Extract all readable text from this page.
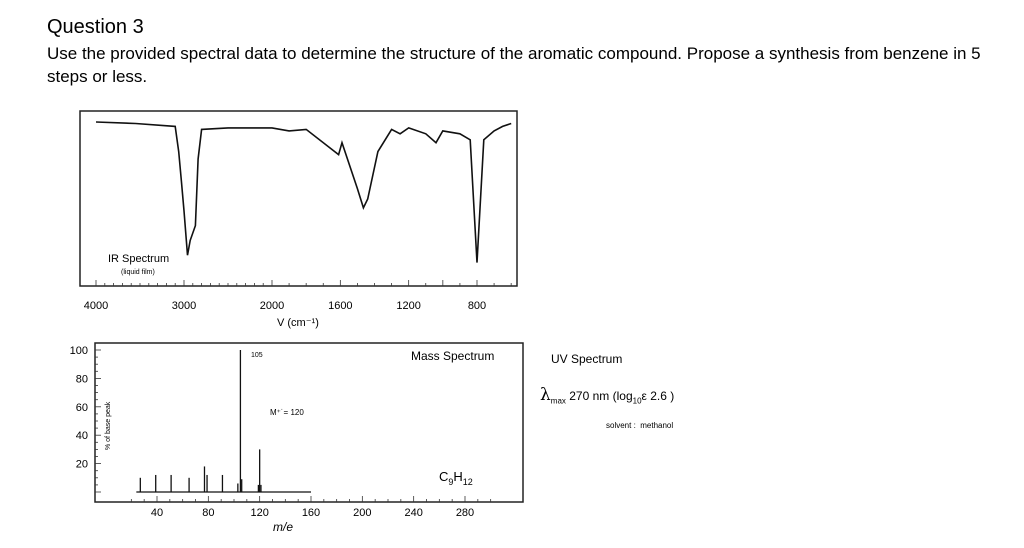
Question 3
Use the provided spectral data to determine the structure of the aromatic compound. Propose a synthesis from benzene in 5 steps or less.
IR Spectrum
(liquid film)
4000	3000	2000	1600	1200	800
V (cm⁻¹)
100
80
60
40
20
40	80	120	160	200	240	280
% of base peak
Mass Spectrum
105
M⁺˙= 120
$C_9H_{12}$
m/e
UV Spectrum
$\lambda_{max}$ 270 nm ($\log_{10}\varepsilon$ 2.6 )
solvent : methanol
